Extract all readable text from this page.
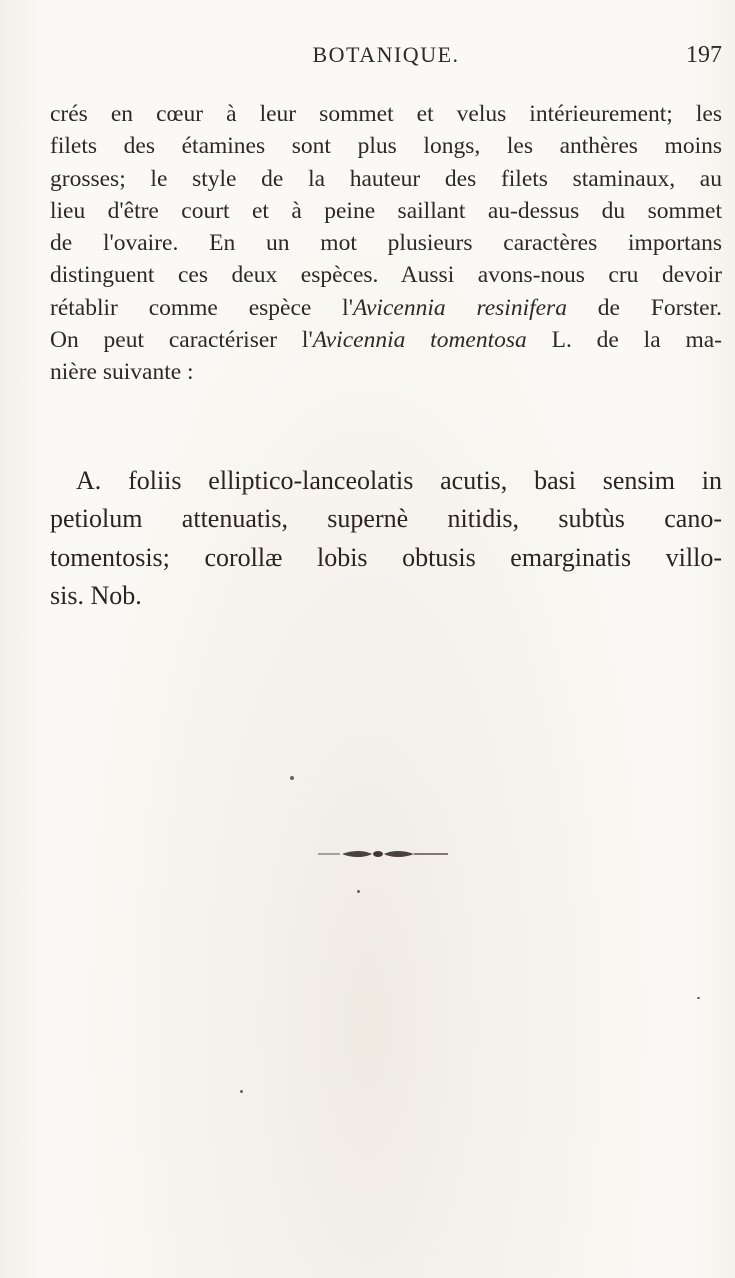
BOTANIQUE.	197
crés en cœur à leur sommet et velus intérieurement; les
filets des étamines sont plus longs, les anthères moins
grosses; le style de la hauteur des filets staminaux, au
lieu d'être court et à peine saillant au-dessus du sommet
de l'ovaire. En un mot plusieurs caractères importans
distinguent ces deux espèces. Aussi avons-nous cru devoir
rétablir comme espèce l'Avicennia resinifera de Forster.
On peut caractériser l'Avicennia tomentosa L. de la ma-
nière suivante :
A. foliis elliptico-lanceolatis acutis, basi sensim in
petiolum attenuatis, supernè nitidis, subtùs cano-
tomentosis; corollæ lobis obtusis emarginatis villo-
sis. Nob.
